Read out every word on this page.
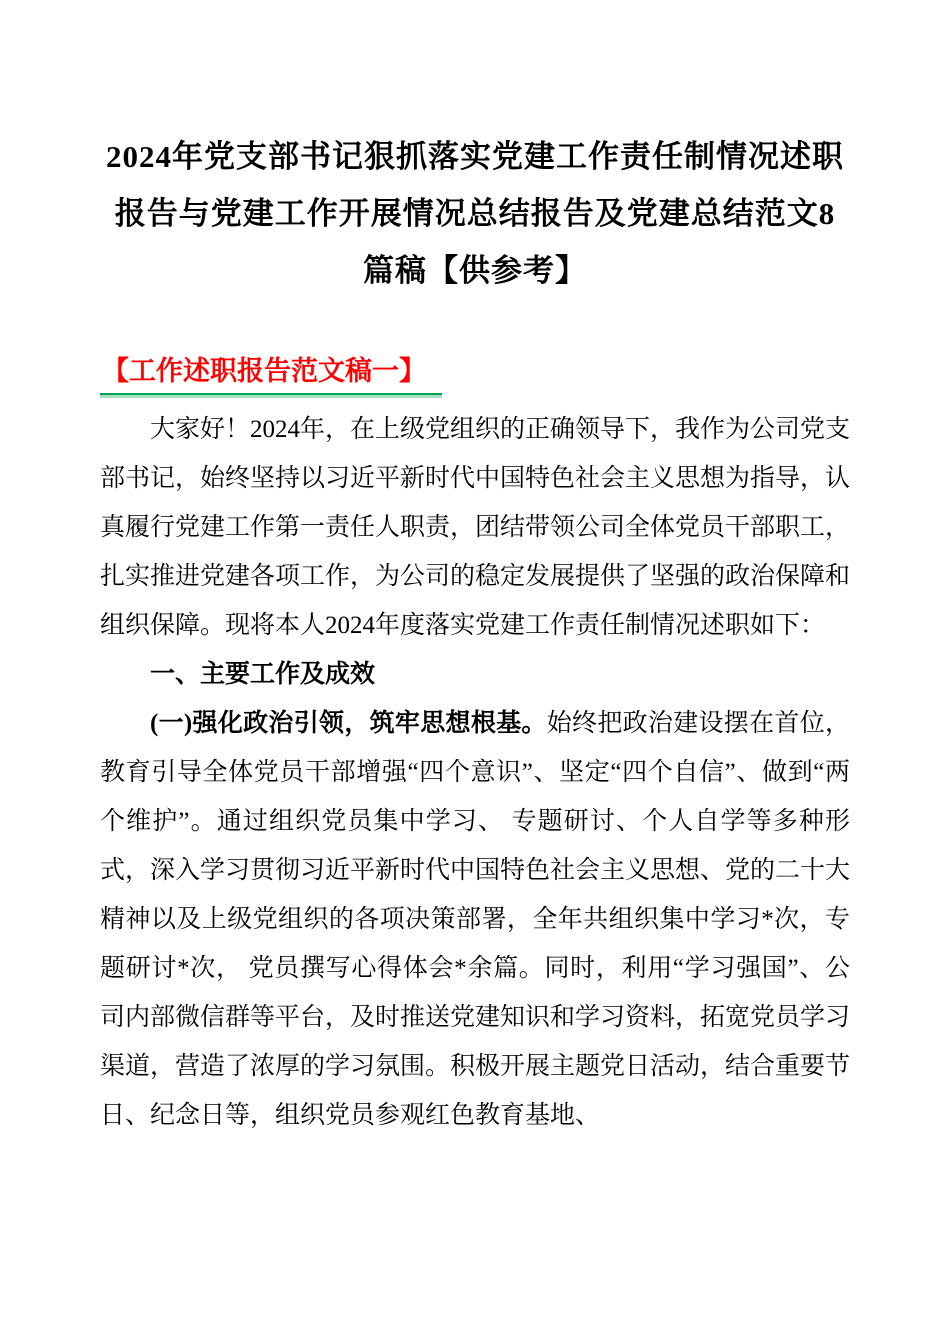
2024年党支部书记狠抓落实党建工作责任制情况述职报告与党建工作开展情况总结报告及党建总结范文8篇稿【供参考】
【工作述职报告范文稿一】

大家好！2024年，在上级党组织的正确领导下，我作为公司党支部书记，始终坚持以习近平新时代中国特色社会主义思想为指导，认真履行党建工作第一责任人职责，团结带领公司全体党员干部职工，扎实推进党建各项工作，为公司的稳定发展提供了坚强的政治保障和组织保障。现将本人2024年度落实党建工作责任制情况述职如下：

一、主要工作及成效

(一)强化政治引领，筑牢思想根基。始终把政治建设摆在首位，教育引导全体党员干部增强“四个意识”、坚定“四个自信”、做到“两个维护”。通过组织党员集中学习、 专题研讨、个人自学等多种形式，深入学习贯彻习近平新时代中国特色社会主义思想、党的二十大精神以及上级党组织的各项决策部署，全年共组织集中学习*次，专题研讨*次， 党员撰写心得体会*余篇。同时，利用“学习强国”、公司内部微信群等平台，及时推送党建知识和学习资料，拓宽党员学习渠道，营造了浓厚的学习氛围。积极开展主题党日活动，结合重要节日、纪念日等，组织党员参观红色教育基地、
